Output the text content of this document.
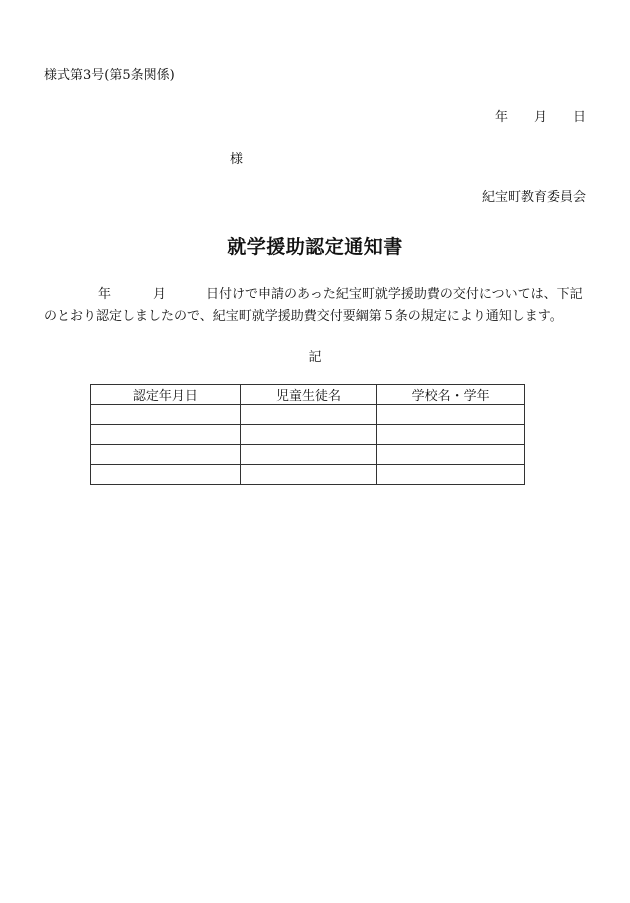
様式第3号(第5条関係)
年 月 日
様
紀宝町教育委員会
就学援助認定通知書
年	月	日付けで申請のあった紀宝町就学援助費の交付については、下記
のとおり認定しましたので、紀宝町就学援助費交付要綱第５条の規定により通知します。
記
認定年月日	児童生徒名	学校名・学年
